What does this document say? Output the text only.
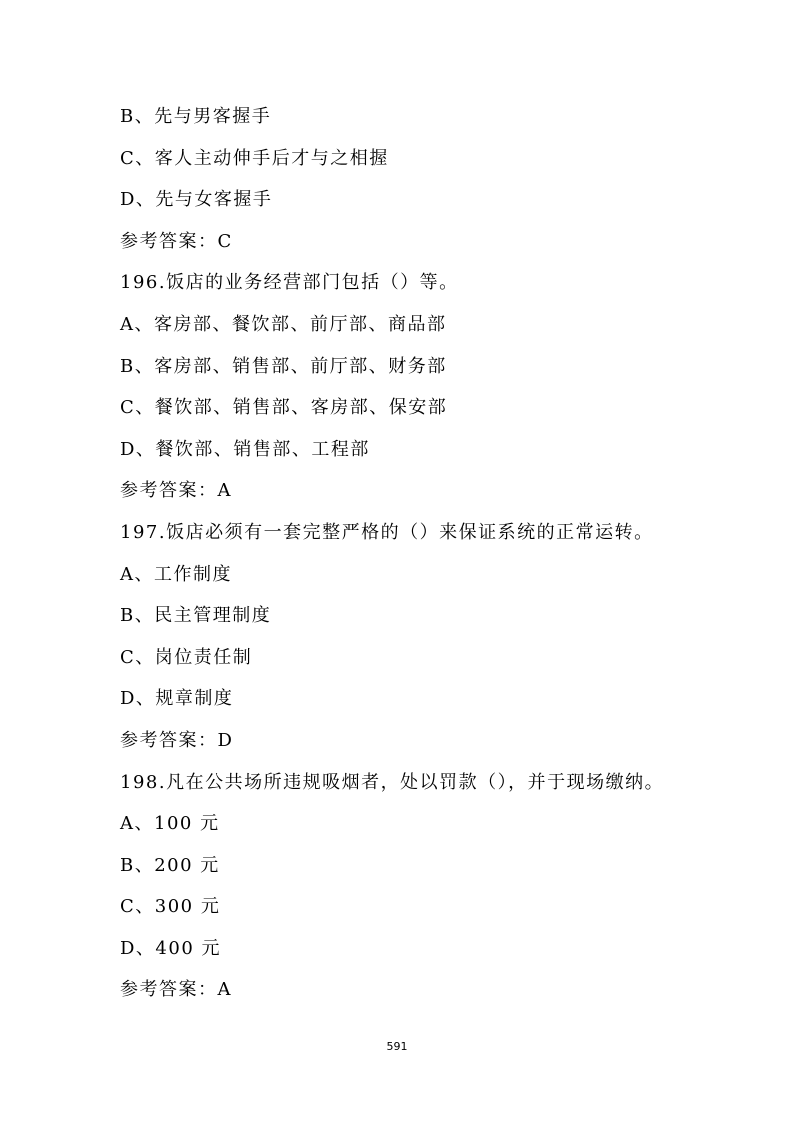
B、先与男客握手
C、客人主动伸手后才与之相握
D、先与女客握手
参考答案：C
196.饭店的业务经营部门包括（）等。
A、客房部、餐饮部、前厅部、商品部
B、客房部、销售部、前厅部、财务部
C、餐饮部、销售部、客房部、保安部
D、餐饮部、销售部、工程部
参考答案：A
197.饭店必须有一套完整严格的（）来保证系统的正常运转。
A、工作制度
B、民主管理制度
C、岗位责任制
D、规章制度
参考答案：D
198.凡在公共场所违规吸烟者，处以罚款（），并于现场缴纳。
A、100 元
B、200 元
C、300 元
D、400 元
参考答案：A
591
